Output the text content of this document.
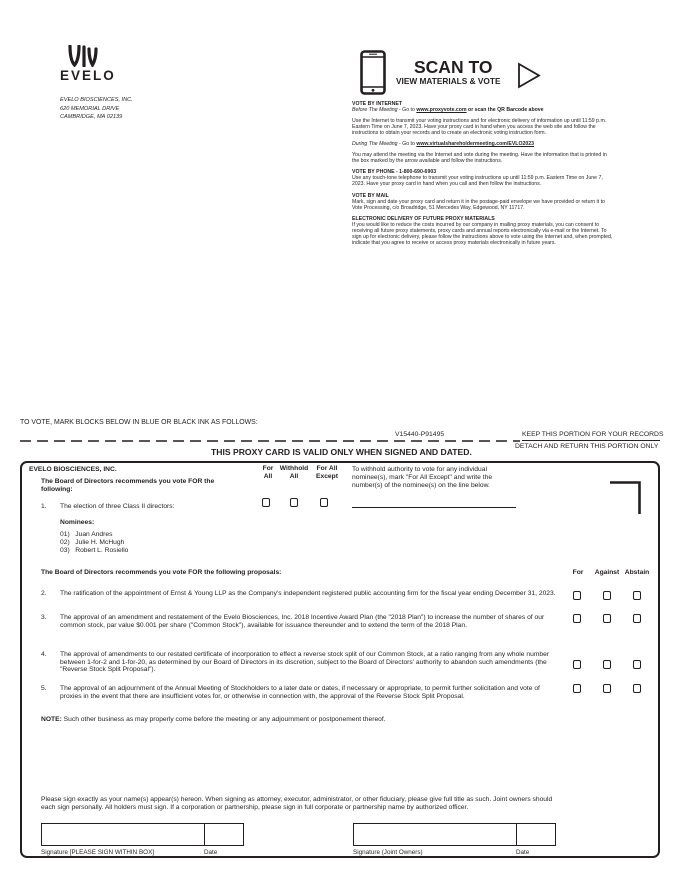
EVELO
EVELO BIOSCIENCES, INC.
620 MEMORIAL DRIVE
CAMBRIDGE, MA 02139
SCAN TO
VIEW MATERIALS & VOTE
VOTE BY INTERNET
Before The Meeting - Go to www.proxyvote.com or scan the QR Barcode above
Use the Internet to transmit your voting instructions and for electronic delivery of information up until 11:59 p.m. Eastern Time on June 7, 2023. Have your proxy card in hand when you access the web site and follow the instructions to obtain your records and to create an electronic voting instruction form.
During The Meeting - Go to www.virtualshareholdermeeting.com/EVLO2023
You may attend the meeting via the Internet and vote during the meeting. Have the information that is printed in the box marked by the arrow available and follow the instructions.
VOTE BY PHONE - 1-800-690-6903
Use any touch-tone telephone to transmit your voting instructions up until 11:59 p.m. Eastern Time on June 7, 2023. Have your proxy card in hand when you call and then follow the instructions.
VOTE BY MAIL
Mark, sign and date your proxy card and return it in the postage-paid envelope we have provided or return it to Vote Processing, c/o Broadridge, 51 Mercedes Way, Edgewood, NY 11717.
ELECTRONIC DELIVERY OF FUTURE PROXY MATERIALS
If you would like to reduce the costs incurred by our company in mailing proxy materials, you can consent to receiving all future proxy statements, proxy cards and annual reports electronically via e-mail or the Internet. To sign up for electronic delivery, please follow the instructions above to vote using the Internet and, when prompted, indicate that you agree to receive or access proxy materials electronically in future years.
TO VOTE, MARK BLOCKS BELOW IN BLUE OR BLACK INK AS FOLLOWS:
V15440-P91495	KEEP THIS PORTION FOR YOUR RECORDS
DETACH AND RETURN THIS PORTION ONLY
THIS PROXY CARD IS VALID ONLY WHEN SIGNED AND DATED.
EVELO BIOSCIENCES, INC.
The Board of Directors recommends you vote FOR the
following:
For
All
Withhold
All
For All
Except
To withhold authority to vote for any individual nominee(s), mark "For All Except" and write the number(s) of the nominee(s) on the line below.
1. The election of three Class II directors:
Nominees:
01) Juan Andres
02) Julie H. McHugh
03) Robert L. Rosiello
The Board of Directors recommends you vote FOR the following proposals:	For	Against Abstain
2. The ratification of the appointment of Ernst & Young LLP as the Company's independent registered public accounting firm for the fiscal year ending December 31, 2023.
3. The approval of an amendment and restatement of the Evelo Biosciences, Inc. 2018 Incentive Award Plan (the "2018 Plan") to increase the number of shares of our common stock, par value $0.001 per share ("Common Stock"), available for issuance thereunder and to extend the term of the 2018 Plan.
4. The approval of amendments to our restated certificate of incorporation to effect a reverse stock split of our Common Stock, at a ratio ranging from any whole number between 1-for-2 and 1-for-20, as determined by our Board of Directors in its discretion, subject to the Board of Directors' authority to abandon such amendments (the "Reverse Stock Split Proposal").
5. The approval of an adjournment of the Annual Meeting of Stockholders to a later date or dates, if necessary or appropriate, to permit further solicitation and vote of proxies in the event that there are insufficient votes for, or otherwise in connection with, the approval of the Reverse Stock Split Proposal.
NOTE: Such other business as may properly come before the meeting or any adjournment or postponement thereof.
Please sign exactly as your name(s) appear(s) hereon. When signing as attorney, executor, administrator, or other fiduciary, please give full title as such. Joint owners should each sign personally. All holders must sign. If a corporation or partnership, please sign in full corporate or partnership name by authorized officer.
Signature [PLEASE SIGN WITHIN BOX]	Date	Signature (Joint Owners)	Date
